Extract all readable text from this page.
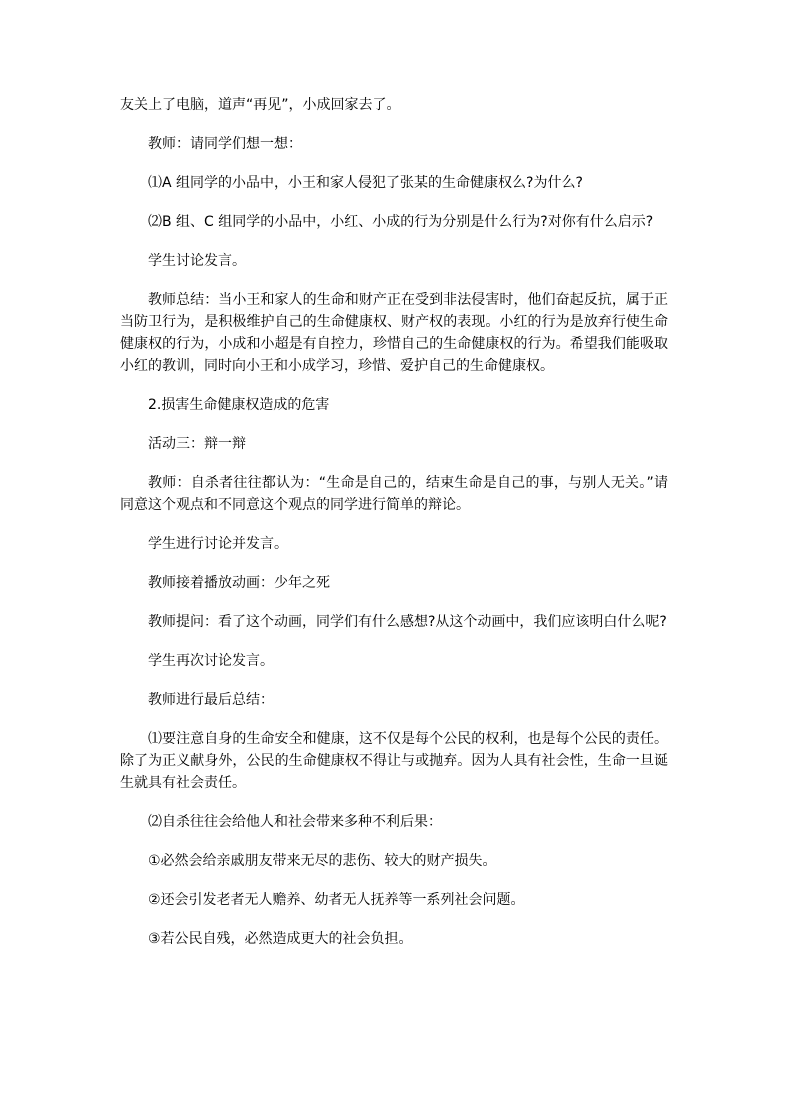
友关上了电脑，道声“再见”，小成回家去了。

教师：请同学们想一想：

⑴A 组同学的小品中，小王和家人侵犯了张某的生命健康权么?为什么?

⑵B 组、C 组同学的小品中，小红、小成的行为分别是什么行为?对你有什么启示?

学生讨论发言。

教师总结：当小王和家人的生命和财产正在受到非法侵害时，他们奋起反抗，属于正当防卫行为，是积极维护自己的生命健康权、财产权的表现。小红的行为是放弃行使生命健康权的行为，小成和小超是有自控力，珍惜自己的生命健康权的行为。希望我们能吸取小红的教训，同时向小王和小成学习，珍惜、爱护自己的生命健康权。

2.损害生命健康权造成的危害

活动三：辩一辩

教师：自杀者往往都认为：“生命是自己的，结束生命是自己的事，与别人无关。”请同意这个观点和不同意这个观点的同学进行简单的辩论。

学生进行讨论并发言。

教师接着播放动画：少年之死

教师提问：看了这个动画，同学们有什么感想?从这个动画中，我们应该明白什么呢?

学生再次讨论发言。

教师进行最后总结：

⑴要注意自身的生命安全和健康，这不仅是每个公民的权利，也是每个公民的责任。除了为正义献身外，公民的生命健康权不得让与或抛弃。因为人具有社会性，生命一旦诞生就具有社会责任。

⑵自杀往往会给他人和社会带来多种不利后果：

①必然会给亲戚朋友带来无尽的悲伤、较大的财产损失。

②还会引发老者无人赡养、幼者无人抚养等一系列社会问题。

③若公民自残，必然造成更大的社会负担。
